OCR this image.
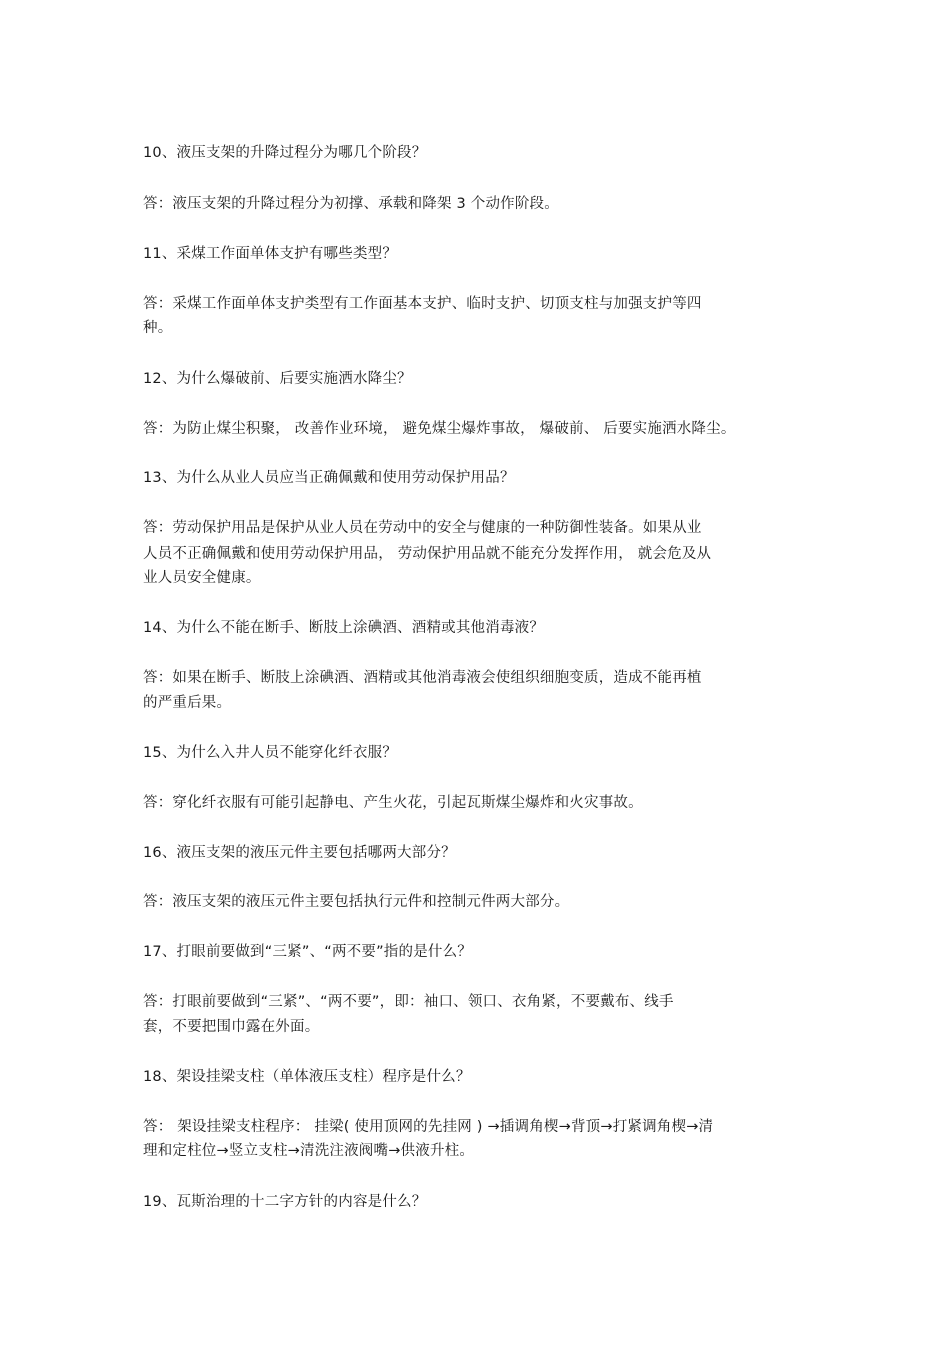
10、液压支架的升降过程分为哪几个阶段？
答：液压支架的升降过程分为初撑、承载和降架 3 个动作阶段。
11、采煤工作面单体支护有哪些类型？
答：采煤工作面单体支护类型有工作面基本支护、临时支护、切顶支柱与加强支护等四
种。
12、为什么爆破前、后要实施洒水降尘？
答：为防止煤尘积聚， 改善作业环境， 避免煤尘爆炸事故， 爆破前、 后要实施洒水降尘。
13、为什么从业人员应当正确佩戴和使用劳动保护用品？
答：劳动保护用品是保护从业人员在劳动中的安全与健康的一种防御性装备。如果从业
人员不正确佩戴和使用劳动保护用品， 劳动保护用品就不能充分发挥作用， 就会危及从
业人员安全健康。
14、为什么不能在断手、断肢上涂碘酒、酒精或其他消毒液？
答：如果在断手、断肢上涂碘酒、酒精或其他消毒液会使组织细胞变质，造成不能再植
的严重后果。
15、为什么入井人员不能穿化纤衣服？
答：穿化纤衣服有可能引起静电、产生火花，引起瓦斯煤尘爆炸和火灾事故。
16、液压支架的液压元件主要包括哪两大部分？
答：液压支架的液压元件主要包括执行元件和控制元件两大部分。
17、打眼前要做到“三紧”、“两不要”指的是什么？
答：打眼前要做到“三紧”、“两不要”，即：袖口、领口、衣角紧，不要戴布、线手
套，不要把围巾露在外面。
18、架设挂梁支柱（单体液压支柱）程序是什么？
答： 架设挂梁支柱程序： 挂梁( 使用顶网的先挂网 ) →插调角楔→背顶→打紧调角楔→清
理和定柱位→竖立支柱→清洗注液阀嘴→供液升柱。
19、瓦斯治理的十二字方针的内容是什么？
